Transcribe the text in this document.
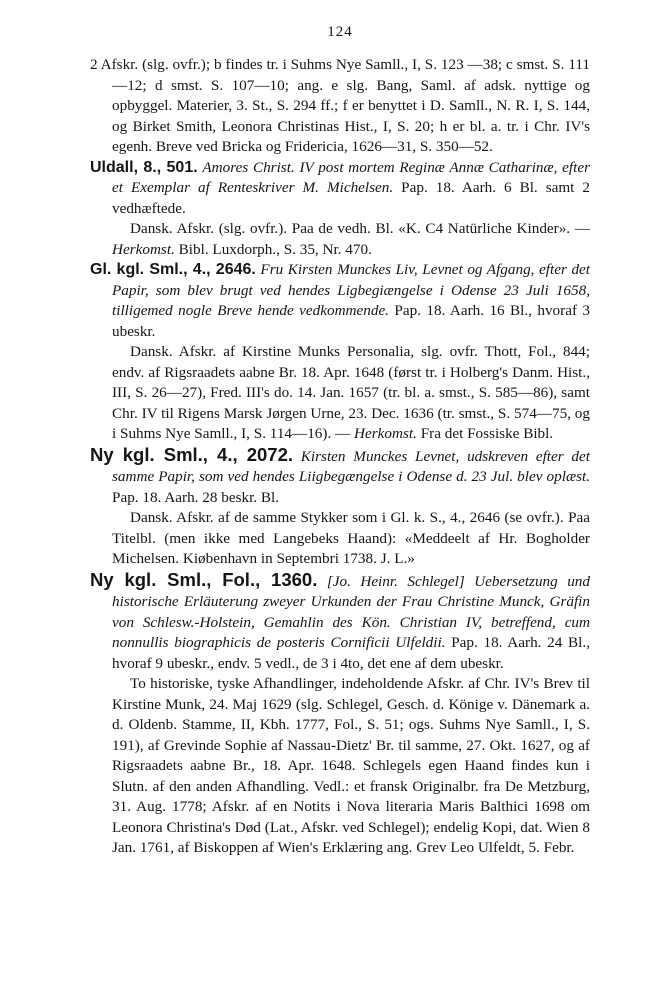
124

2 Afskr. (slg. ovfr.); b findes tr. i Suhms Nye Samll., I, S. 123 —38; c smst. S. 111—12; d smst. S. 107—10; ang. e slg. Bang, Saml. af adsk. nyttige og opbyggel. Materier, 3. St., S. 294 ff.; f er benyttet i D. Samll., N. R. I, S. 144, og Birket Smith, Leonora Christinas Hist., I, S. 20; h er bl. a. tr. i Chr. IV's egenh. Breve ved Bricka og Fridericia, 1626—31, S. 350—52.

Uldall, 8., 501. Amores Christ. IV post mortem Reginæ Annæ Catharinæ, efter et Exemplar af Renteskriver M. Michelsen. Pap. 18. Aarh. 6 Bl. samt 2 vedhæftede.

Dansk. Afskr. (slg. ovfr.). Paa de vedh. Bl. «K. C4 Natürliche Kinder». — Herkomst. Bibl. Luxdorph., S. 35, Nr. 470.

Gl. kgl. Sml., 4., 2646. Fru Kirsten Munckes Liv, Levnet og Afgang, efter det Papir, som blev brugt ved hendes Ligbegiængelse i Odense 23 Juli 1658, tilligemed nogle Breve hende vedkommende. Pap. 18. Aarh. 16 Bl., hvoraf 3 ubeskr.

Dansk. Afskr. af Kirstine Munks Personalia, slg. ovfr. Thott, Fol., 844; endv. af Rigsraadets aabne Br. 18. Apr. 1648 (først tr. i Holberg's Danm. Hist., III, S. 26—27), Fred. III's do. 14. Jan. 1657 (tr. bl. a. smst., S. 585—86), samt Chr. IV til Rigens Marsk Jørgen Urne, 23. Dec. 1636 (tr. smst., S. 574—75, og i Suhms Nye Samll., I, S. 114—16). — Herkomst. Fra det Fossiske Bibl.

Ny kgl. Sml., 4., 2072. Kirsten Munckes Levnet, udskreven efter det samme Papir, som ved hendes Liigbegængelse i Odense d. 23 Jul. blev oplæst. Pap. 18. Aarh. 28 beskr. Bl.

Dansk. Afskr. af de samme Stykker som i Gl. k. S., 4., 2646 (se ovfr.). Paa Titelbl. (men ikke med Langebeks Haand): «Meddeelt af Hr. Bogholder Michelsen. Kiøbenhavn in Septembri 1738. J. L.»

Ny kgl. Sml., Fol., 1360. [Jo. Heinr. Schlegel] Uebersetzung und historische Erläuterung zweyer Urkunden der Frau Christine Munck, Gräfin von Schlesw.-Holstein, Gemahlin des Kön. Christian IV, betreffend, cum nonnullis biographicis de posteris Cornificii Ulfeldii. Pap. 18. Aarh. 24 Bl., hvoraf 9 ubeskr., endv. 5 vedl., de 3 i 4to, det ene af dem ubeskr.

To historiske, tyske Afhandlinger, indeholdende Afskr. af Chr. IV's Brev til Kirstine Munk, 24. Maj 1629 (slg. Schlegel, Gesch. d. Könige v. Dänemark a. d. Oldenb. Stamme, II, Kbh. 1777, Fol., S. 51; ogs. Suhms Nye Samll., I, S. 191), af Grevinde Sophie af Nassau-Dietz' Br. til samme, 27. Okt. 1627, og af Rigsraadets aabne Br., 18. Apr. 1648. Schlegels egen Haand findes kun i Slutn. af den anden Afhandling. Vedl.: et fransk Originalbr. fra De Metzburg, 31. Aug. 1778; Afskr. af en Notits i Nova literaria Maris Balthici 1698 om Leonora Christina's Død (Lat., Afskr. ved Schlegel); endelig Kopi, dat. Wien 8 Jan. 1761, af Biskoppen af Wien's Erklæring ang. Grev Leo Ulfeldt, 5. Febr.
